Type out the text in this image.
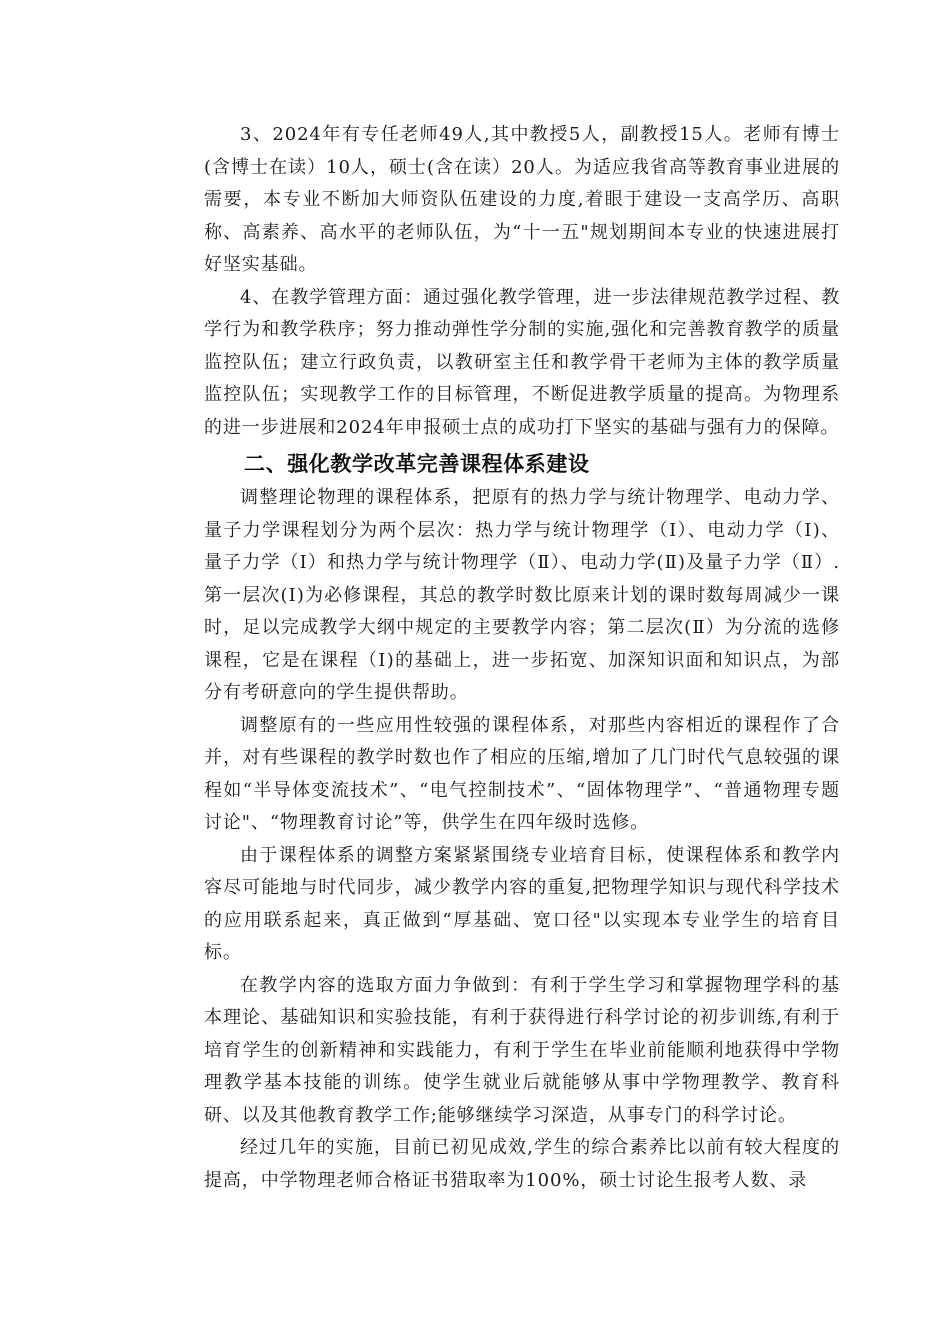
3、2024年有专任老师49人,其中教授5人，副教授15人。老师有博士(含博士在读）10人，硕士(含在读）20人。为适应我省高等教育事业进展的需要，本专业不断加大师资队伍建设的力度,着眼于建设一支高学历、高职称、高素养、高水平的老师队伍，为“十一五"规划期间本专业的快速进展打好坚实基础。

4、在教学管理方面：通过强化教学管理，进一步法律规范教学过程、教学行为和教学秩序；努力推动弹性学分制的实施,强化和完善教育教学的质量监控队伍；建立行政负责，以教研室主任和教学骨干老师为主体的教学质量监控队伍；实现教学工作的目标管理，不断促进教学质量的提高。为物理系的进一步进展和2024年申报硕士点的成功打下坚实的基础与强有力的保障。

二、强化教学改革完善课程体系建设

调整理论物理的课程体系，把原有的热力学与统计物理学、电动力学、量子力学课程划分为两个层次：热力学与统计物理学（Ⅰ）、电动力学（Ⅰ)、量子力学（Ⅰ）和热力学与统计物理学（Ⅱ）、电动力学(Ⅱ)及量子力学（Ⅱ）.第一层次(Ⅰ)为必修课程，其总的教学时数比原来计划的课时数每周减少一课时，足以完成教学大纲中规定的主要教学内容；第二层次(Ⅱ）为分流的选修课程，它是在课程（Ⅰ)的基础上，进一步拓宽、加深知识面和知识点，为部分有考研意向的学生提供帮助。

调整原有的一些应用性较强的课程体系，对那些内容相近的课程作了合并，对有些课程的教学时数也作了相应的压缩,增加了几门时代气息较强的课程如“半导体变流技术”、“电气控制技术”、“固体物理学”、“普通物理专题讨论"、“物理教育讨论”等，供学生在四年级时选修。

由于课程体系的调整方案紧紧围绕专业培育目标，使课程体系和教学内容尽可能地与时代同步，减少教学内容的重复,把物理学知识与现代科学技术的应用联系起来，真正做到“厚基础、宽口径"以实现本专业学生的培育目标。

在教学内容的选取方面力争做到：有利于学生学习和掌握物理学科的基本理论、基础知识和实验技能，有利于获得进行科学讨论的初步训练,有利于培育学生的创新精神和实践能力，有利于学生在毕业前能顺利地获得中学物理教学基本技能的训练。使学生就业后就能够从事中学物理教学、教育科研、以及其他教育教学工作;能够继续学习深造，从事专门的科学讨论。

经过几年的实施，目前已初见成效,学生的综合素养比以前有较大程度的提高，中学物理老师合格证书猎取率为100%，硕士讨论生报考人数、录
